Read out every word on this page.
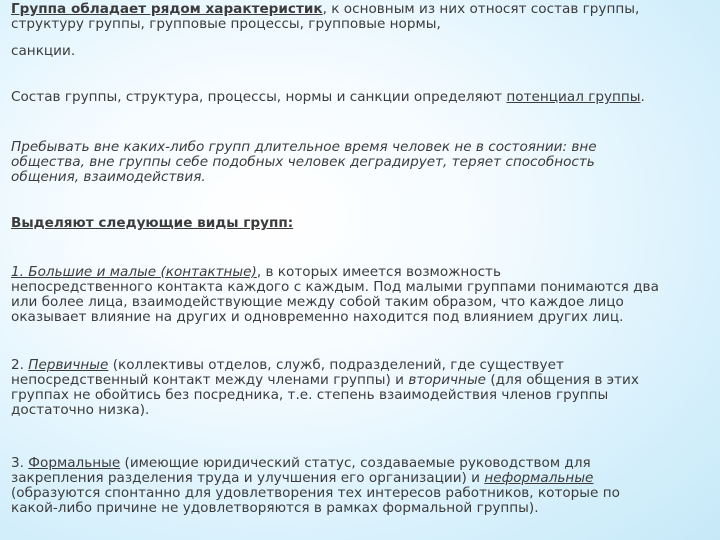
Группа обладает рядом характеристик, к основным из них относят состав группы,
структуру группы, групповые процессы, групповые нормы,
санкции.
Состав группы, структура, процессы, нормы и санкции определяют потенциал группы.
Пребывать вне каких-либо групп длительное время человек не в состоянии: вне
общества, вне группы себе подобных человек деградирует, теряет способность
общения, взаимодействия.
Выделяют следующие виды групп:
1. Большие и малые (контактные), в которых имеется возможность
непосредственного контакта каждого с каждым. Под малыми группами понимаются два
или более лица, взаимодействующие между собой таким образом, что каждое лицо
оказывает влияние на других и одновременно находится под влиянием других лиц.
2. Первичные (коллективы отделов, служб, подразделений, где существует
непосредственный контакт между членами группы) и вторичные (для общения в этих
группах не обойтись без посредника, т.е. степень взаимодействия членов группы
достаточно низка).
3. Формальные (имеющие юридический статус, создаваемые руководством для
закрепления разделения труда и улучшения его организации) и неформальные
(образуются спонтанно для удовлетворения тех интересов работников, которые по
какой-либо причине не удовлетворяются в рамках формальной группы).
